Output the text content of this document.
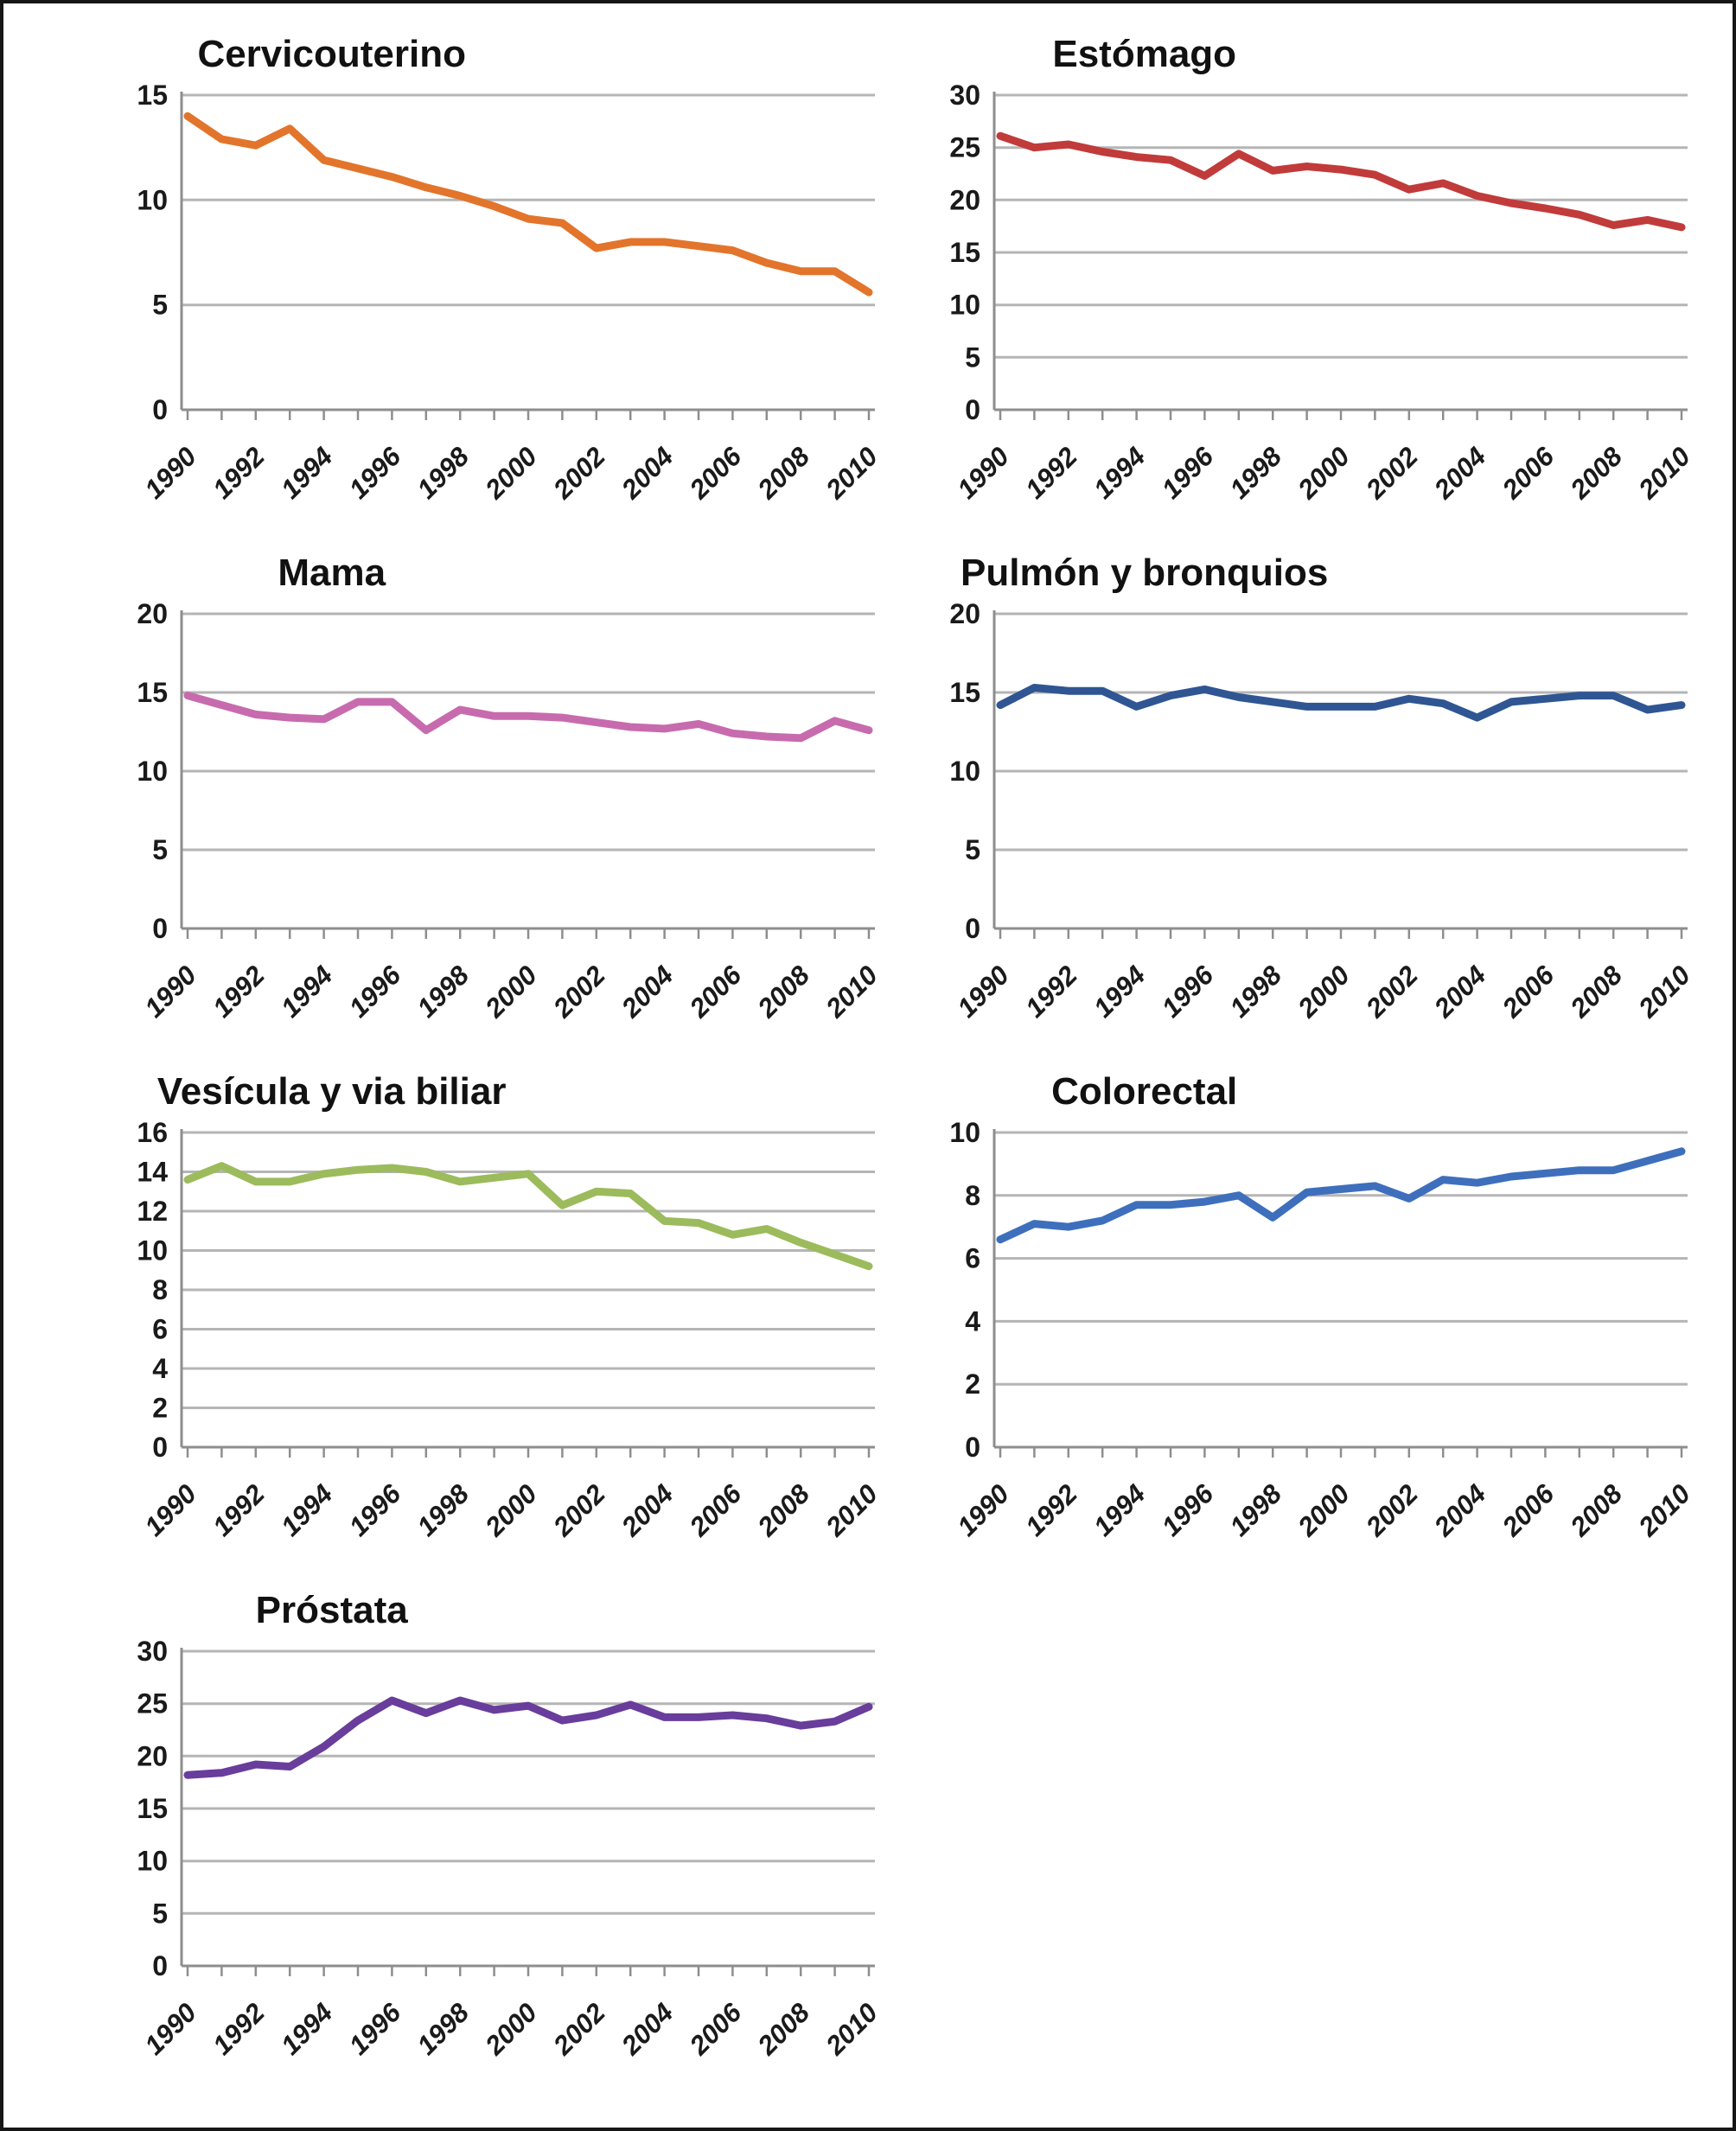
Cervicouterino
0
5
10
15
1990 1992 1994 1996 1998 2000 2002 2004 2006 2008 2010
Estómago
0
5
10
15
20
25
30
1990 1992 1994 1996 1998 2000 2002 2004 2006 2008 2010
Mama
0
5
10
15
20
1990 1992 1994 1996 1998 2000 2002 2004 2006 2008 2010
Pulmón y bronquios
0
5
10
15
20
1990 1992 1994 1996 1998 2000 2002 2004 2006 2008 2010
Vesícula y via biliar
0
2
4
6
8
10
12
14
16
1990 1992 1994 1996 1998 2000 2002 2004 2006 2008 2010
Colorectal
0
2
4
6
8
10
1990 1992 1994 1996 1998 2000 2002 2004 2006 2008 2010
Próstata
0
5
10
15
20
25
30
1990 1992 1994 1996 1998 2000 2002 2004 2006 2008 2010
